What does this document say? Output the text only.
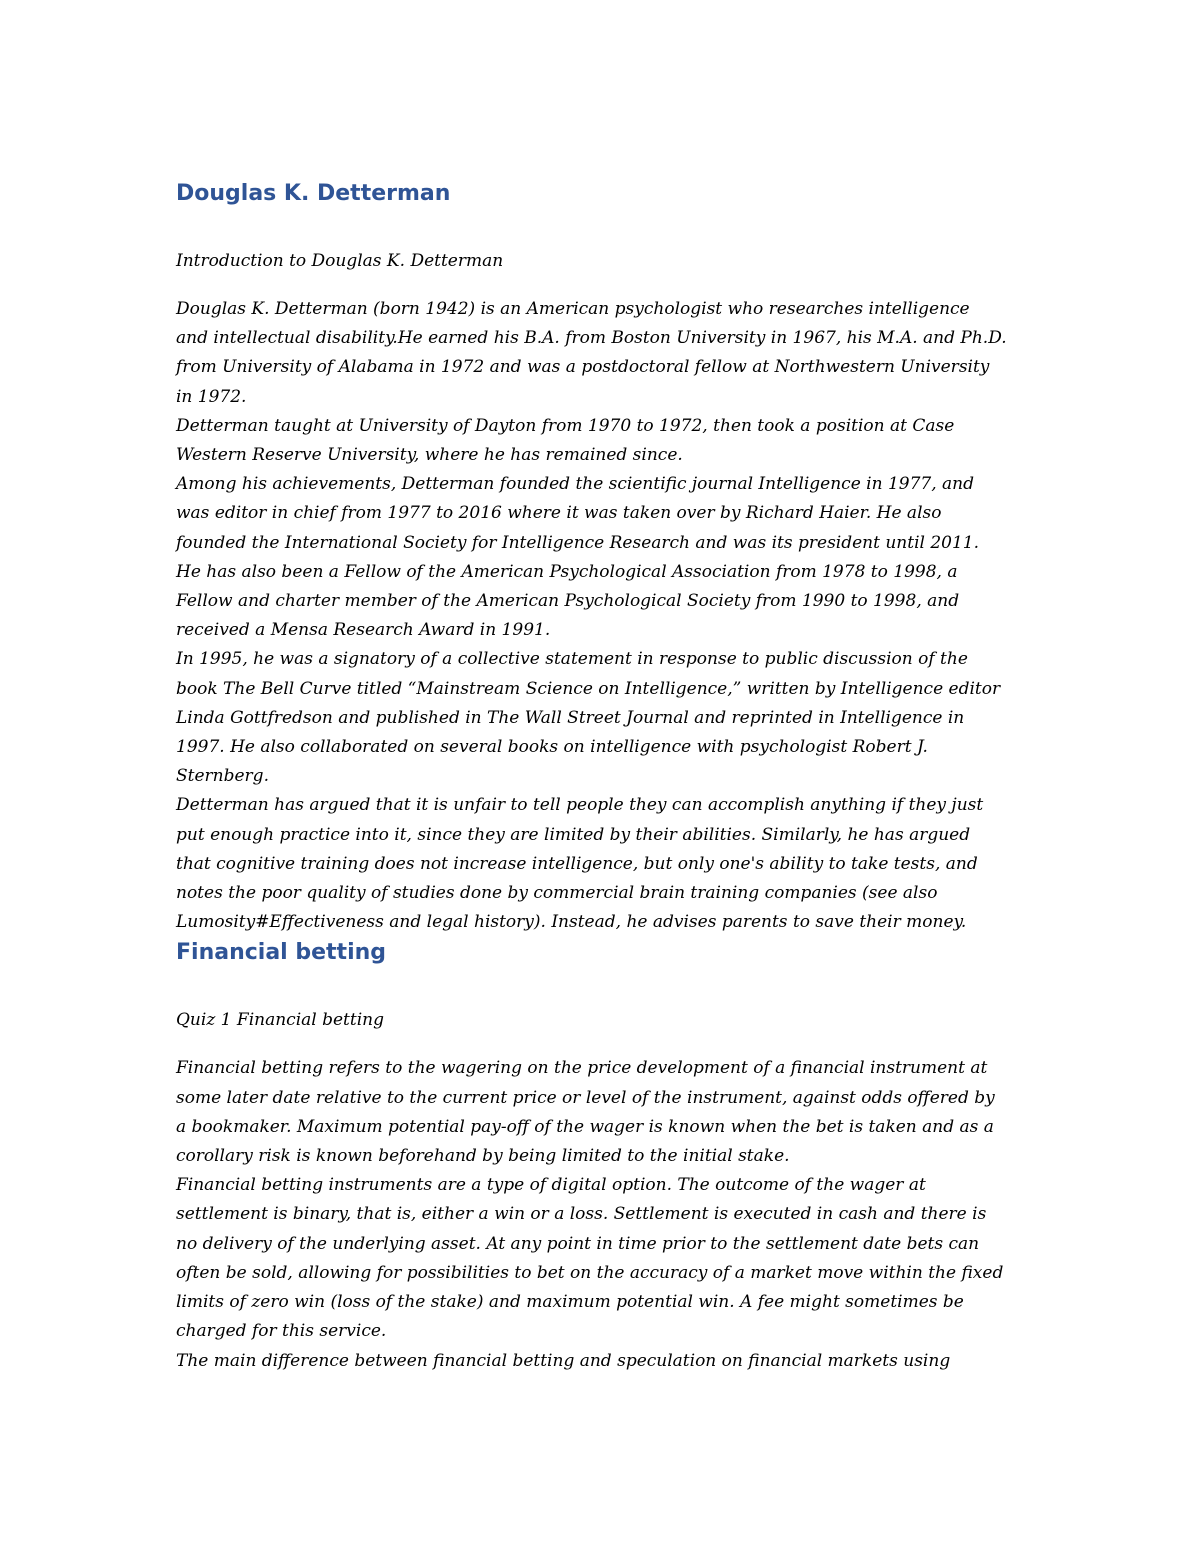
Douglas K. Detterman

Introduction to Douglas K. Detterman

Douglas K. Detterman (born 1942) is an American psychologist who researches intelligence
and intellectual disability.He earned his B.A. from Boston University in 1967, his M.A. and Ph.D.
from University of Alabama in 1972 and was a postdoctoral fellow at Northwestern University
in 1972.
Detterman taught at University of Dayton from 1970 to 1972, then took a position at Case
Western Reserve University, where he has remained since.
Among his achievements, Detterman founded the scientific journal Intelligence in 1977, and
was editor in chief from 1977 to 2016 where it was taken over by Richard Haier. He also
founded the International Society for Intelligence Research and was its president until 2011.
He has also been a Fellow of the American Psychological Association from 1978 to 1998, a
Fellow and charter member of the American Psychological Society from 1990 to 1998, and
received a Mensa Research Award in 1991.
In 1995, he was a signatory of a collective statement in response to public discussion of the
book The Bell Curve titled “Mainstream Science on Intelligence,” written by Intelligence editor
Linda Gottfredson and published in The Wall Street Journal and reprinted in Intelligence in
1997. He also collaborated on several books on intelligence with psychologist Robert J.
Sternberg.
Detterman has argued that it is unfair to tell people they can accomplish anything if they just
put enough practice into it, since they are limited by their abilities. Similarly, he has argued
that cognitive training does not increase intelligence, but only one's ability to take tests, and
notes the poor quality of studies done by commercial brain training companies (see also
Lumosity#Effectiveness and legal history). Instead, he advises parents to save their money.
Financial betting

Quiz 1 Financial betting

Financial betting refers to the wagering on the price development of a financial instrument at
some later date relative to the current price or level of the instrument, against odds offered by
a bookmaker. Maximum potential pay-off of the wager is known when the bet is taken and as a
corollary risk is known beforehand by being limited to the initial stake.
Financial betting instruments are a type of digital option. The outcome of the wager at
settlement is binary, that is, either a win or a loss. Settlement is executed in cash and there is
no delivery of the underlying asset. At any point in time prior to the settlement date bets can
often be sold, allowing for possibilities to bet on the accuracy of a market move within the fixed
limits of zero win (loss of the stake) and maximum potential win. A fee might sometimes be
charged for this service.
The main difference between financial betting and speculation on financial markets using
